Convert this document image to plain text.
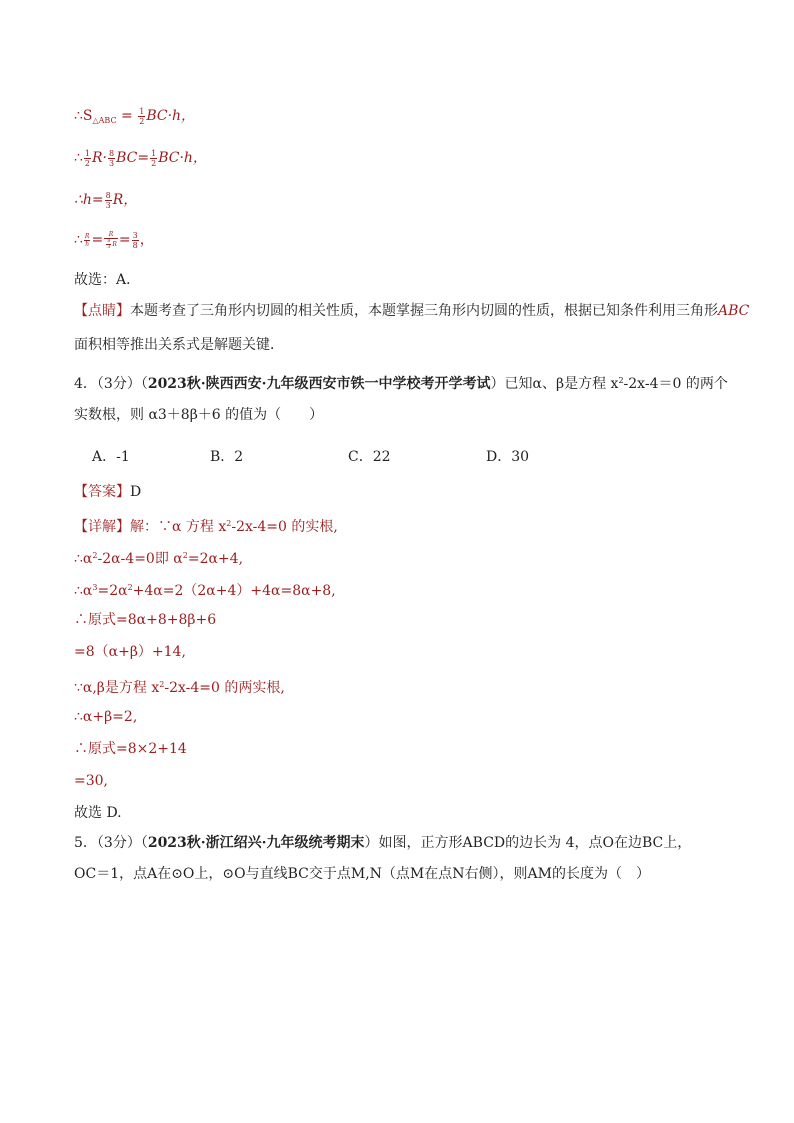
$\therefore S_{\triangle ABC} = \frac{1}{2} BC\cdot h$，
∴ $\frac{1}{2} R\cdot \frac{8}{3} BC= \frac{1}{2} BC\cdot h$，
∴h= $\frac{8}{3}$ R，
∴ $\frac{R}{h} = \frac{R}{\frac{8}{3} R} = \frac{3}{8}$ ，
故选：A．
【点睛】本题考查了三角形内切圆的相关性质，本题掌握三角形内切圆的性质，根据已知条件利用三角形ABC
面积相等推出关系式是解题关键．
4．（3分）（2023秋·陕西西安·九年级西安市铁一中学校考开学考试）已知α、β是方程 $x^2-2x-4=0$ 的两个
实数根，则 α3＋8β＋6 的值为（　　）
A．-1	B．2	C．22	D．30
【答案】D
【详解】解：∵α 方程 $x^2-2x-4=0$ 的实根,
$\therefore\alpha^2-2\alpha-4=0$即 $\alpha^2=2\alpha+4$,
$\therefore\alpha^3=2\alpha^2+4\alpha=2(2\alpha+4)+4\alpha=8\alpha+8$,
∴原式=8α+8+8β+6
=8（α+β）+14,
∵α,β是方程 $x^2-2x-4=0$ 的两实根,
∴α+β=2,
∴原式=8×2+14
=30,
故选 D.
5．（3分）（2023秋·浙江绍兴·九年级统考期末）如图，正方形ABCD的边长为 4，点O在边BC上，
OC＝1，点A在⊙O上，⊙O与直线BC交于点M,N（点M在点N右侧），则AM的长度为（　）
